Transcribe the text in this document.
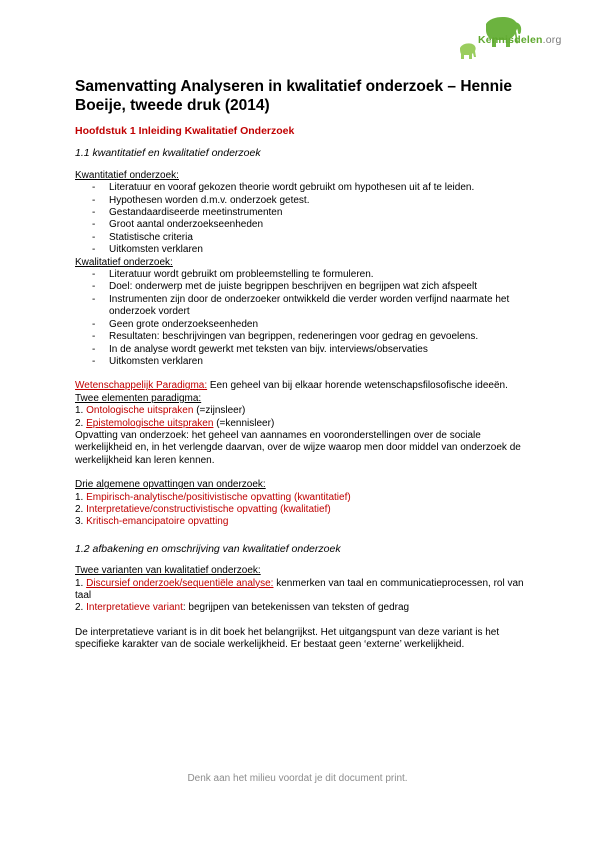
Kennisdelen.org
Samenvatting Analyseren in kwalitatief onderzoek – Hennie Boeije, tweede druk (2014)
Hoofdstuk 1 Inleiding Kwalitatief Onderzoek
1.1 kwantitatief en kwalitatief onderzoek

Kwantitatief onderzoek:

- Literatuur en vooraf gekozen theorie wordt gebruikt om hypothesen uit af te leiden.
- Hypothesen worden d.m.v. onderzoek getest.
- Gestandaardiseerde meetinstrumenten
- Groot aantal onderzoekseenheden
- Statistische criteria
- Uitkomsten verklaren

Kwalitatief onderzoek:

- Literatuur wordt gebruikt om probleemstelling te formuleren.
- Doel: onderwerp met de juiste begrippen beschrijven en begrijpen wat zich afspeelt
- Instrumenten zijn door de onderzoeker ontwikkeld die verder worden verfijnd naarmate het onderzoek vordert
- Geen grote onderzoekseenheden
- Resultaten: beschrijvingen van begrippen, redeneringen voor gedrag en gevoelens.
- In de analyse wordt gewerkt met teksten van bijv. interviews/observaties
- Uitkomsten verklaren

Wetenschappelijk Paradigma: Een geheel van bij elkaar horende wetenschapsfilosofische ideeën.

Twee elementen paradigma:

1. Ontologische uitspraken (=zijnsleer)

2. Epistemologische uitspraken (=kennisleer)

Opvatting van onderzoek: het geheel van aannames en vooronderstellingen over de sociale werkelijkheid en, in het verlengde daarvan, over de wijze waarop men door middel van onderzoek de werkelijkheid kan leren kennen.

Drie algemene opvattingen van onderzoek:

1. Empirisch-analytische/positivistische opvatting (kwantitatief)

2. Interpretatieve/constructivistische opvatting (kwalitatief)

3. Kritisch-emancipatoire opvatting

1.2 afbakening en omschrijving van kwalitatief onderzoek

Twee varianten van kwalitatief onderzoek:

1. Discursief onderzoek/sequentiële analyse: kenmerken van taal en communicatieprocessen, rol van taal

2. Interpretatieve variant: begrijpen van betekenissen van teksten of gedrag

De interpretatieve variant is in dit boek het belangrijkst. Het uitgangspunt van deze variant is het specifieke karakter van de sociale werkelijkheid. Er bestaat geen ‘externe’ werkelijkheid.

Denk aan het milieu voordat je dit document print.
